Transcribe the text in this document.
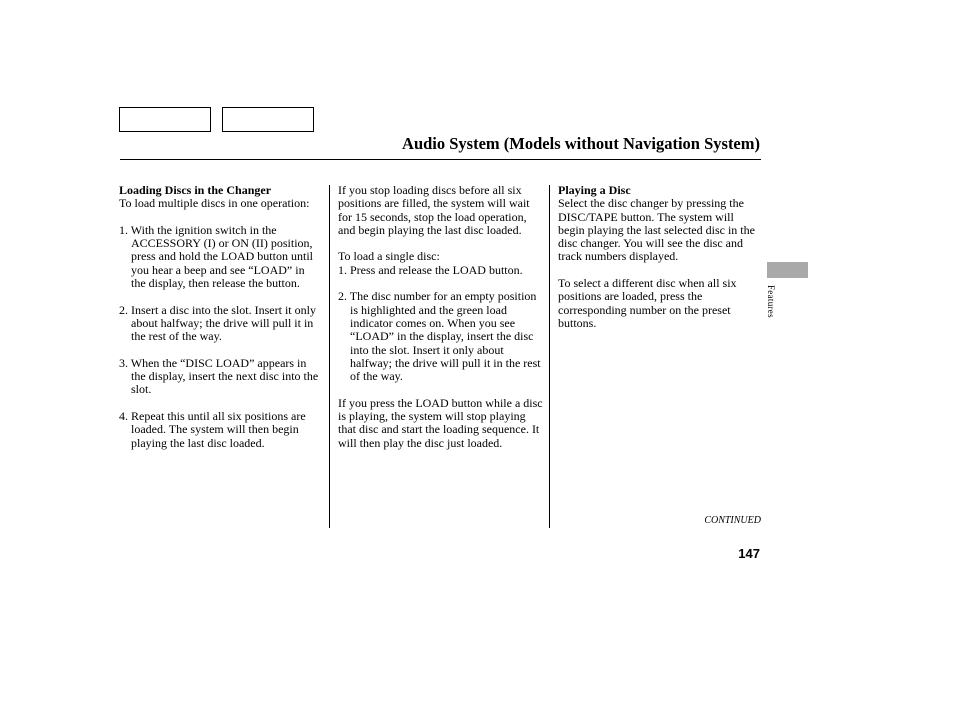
Audio System (Models without Navigation System)
Loading Discs in the Changer
To load multiple discs in one operation:
1. With the ignition switch in the ACCESSORY (I) or ON (II) position, press and hold the LOAD button until you hear a beep and see “LOAD” in the display, then release the button.
2. Insert a disc into the slot. Insert it only about halfway; the drive will pull it in the rest of the way.
3. When the “DISC LOAD” appears in the display, insert the next disc into the slot.
4. Repeat this until all six positions are loaded. The system will then begin playing the last disc loaded.
If you stop loading discs before all six positions are filled, the system will wait for 15 seconds, stop the load operation, and begin playing the last disc loaded.
To load a single disc:
1. Press and release the LOAD button.
2. The disc number for an empty position is highlighted and the green load indicator comes on. When you see “LOAD” in the display, insert the disc into the slot. Insert it only about halfway; the drive will pull it in the rest of the way.
If you press the LOAD button while a disc is playing, the system will stop playing that disc and start the loading sequence. It will then play the disc just loaded.
Playing a Disc
Select the disc changer by pressing the DISC/TAPE button. The system will begin playing the last selected disc in the disc changer. You will see the disc and track numbers displayed.
To select a different disc when all six positions are loaded, press the corresponding number on the preset buttons.
Features
CONTINUED
147
